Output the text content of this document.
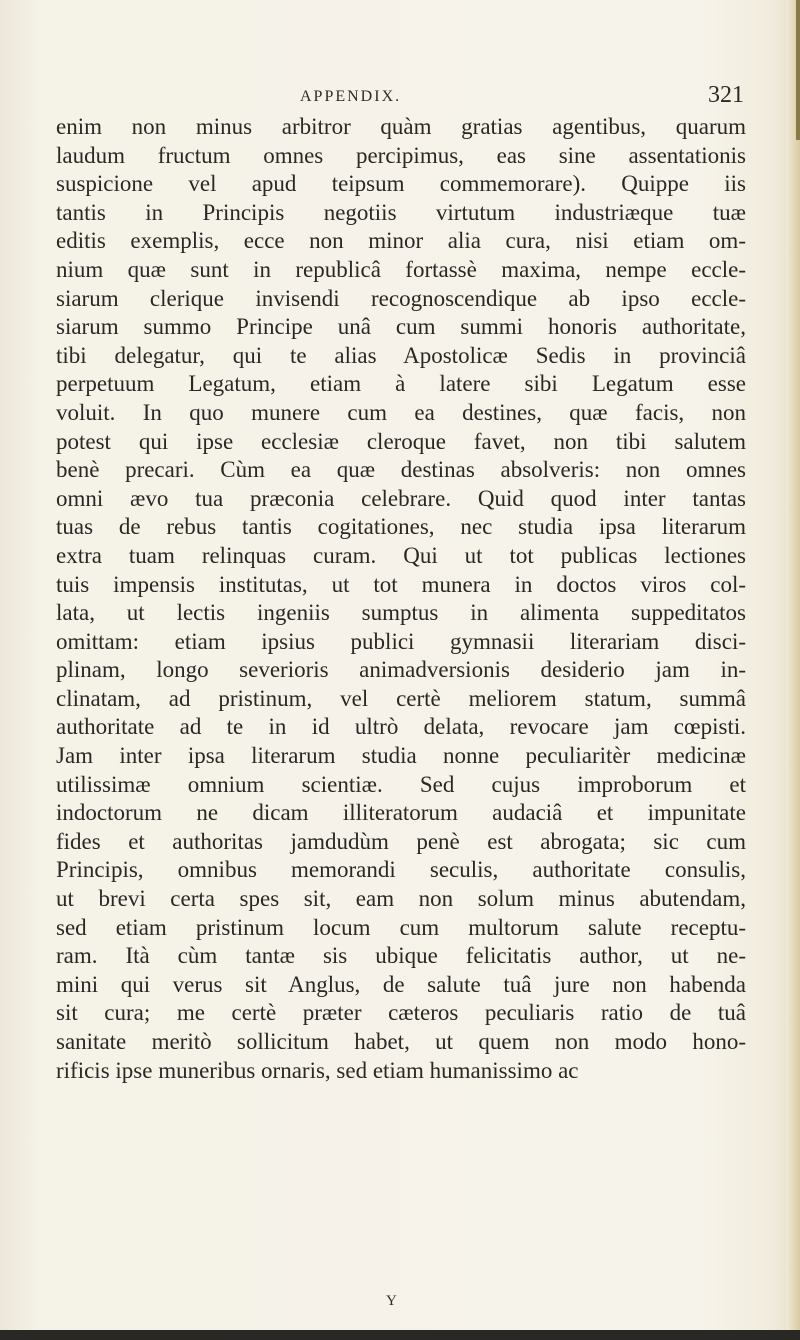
APPENDIX.	321
enim non minus arbitror quàm gratias agentibus, quarum
laudum fructum omnes percipimus, eas sine assentationis
suspicione vel apud teipsum commemorare). Quippe iis
tantis in Principis negotiis virtutum industriæque tuæ
editis exemplis, ecce non minor alia cura, nisi etiam om-
nium quæ sunt in republicâ fortassè maxima, nempe eccle-
siarum clerique invisendi recognoscendique ab ipso eccle-
siarum summo Principe unâ cum summi honoris authoritate,
tibi delegatur, qui te alias Apostolicæ Sedis in provinciâ
perpetuum Legatum, etiam à latere sibi Legatum esse
voluit. In quo munere cum ea destines, quæ facis, non
potest qui ipse ecclesiæ cleroque favet, non tibi salutem
benè precari. Cùm ea quæ destinas absolveris: non omnes
omni ævo tua præconia celebrare. Quid quod inter tantas
tuas de rebus tantis cogitationes, nec studia ipsa literarum
extra tuam relinquas curam. Qui ut tot publicas lectiones
tuis impensis institutas, ut tot munera in doctos viros col-
lata, ut lectis ingeniis sumptus in alimenta suppeditatos
omittam: etiam ipsius publici gymnasii literariam disci-
plinam, longo severioris animadversionis desiderio jam in-
clinatam, ad pristinum, vel certè meliorem statum, summâ
authoritate ad te in id ultrò delata, revocare jam cœpisti.
Jam inter ipsa literarum studia nonne peculiaritèr medicinæ
utilissimæ omnium scientiæ. Sed cujus improborum et
indoctorum ne dicam illiteratorum audaciâ et impunitate
fides et authoritas jamdudùm penè est abrogata; sic cum
Principis, omnibus memorandi seculis, authoritate consulis,
ut brevi certa spes sit, eam non solum minus abutendam,
sed etiam pristinum locum cum multorum salute receptu-
ram. Ità cùm tantæ sis ubique felicitatis author, ut ne-
mini qui verus sit Anglus, de salute tuâ jure non habenda
sit cura; me certè præter cæteros peculiaris ratio de tuâ
sanitate meritò sollicitum habet, ut quem non modo hono-
rificis ipse muneribus ornaris, sed etiam humanissimo ac
Y
